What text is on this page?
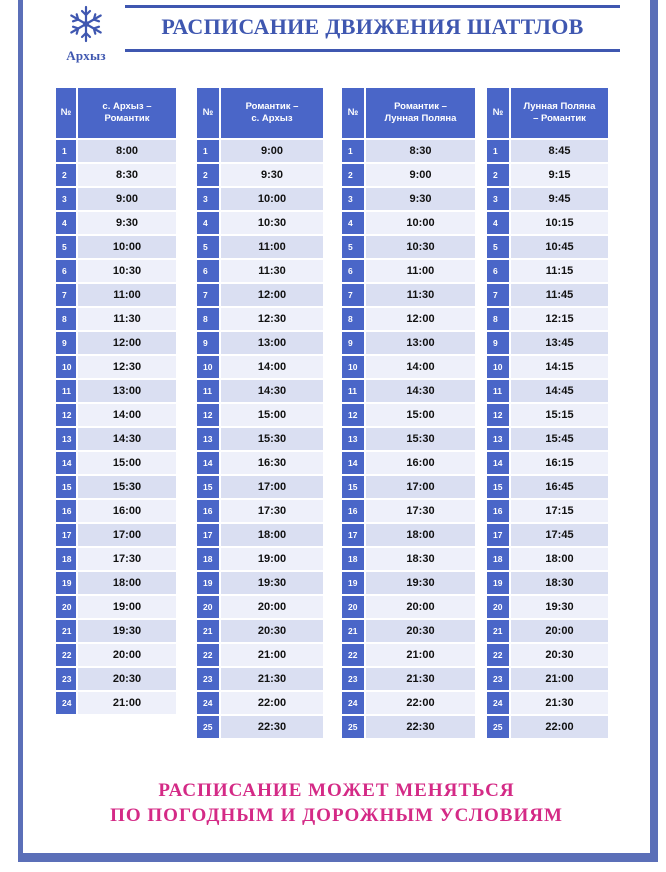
Архыз
РАСПИСАНИЕ ДВИЖЕНИЯ ШАТТЛОВ
№	с. Архыз –
Романтик
1	8:00
2	8:30
3	9:00
4	9:30
5	10:00
6	10:30
7	11:00
8	11:30
9	12:00
10	12:30
11	13:00
12	14:00
13	14:30
14	15:00
15	15:30
16	16:00
17	17:00
18	17:30
19	18:00
20	19:00
21	19:30
22	20:00
23	20:30
24	21:00
№	Романтик –
с. Архыз
1	9:00
2	9:30
3	10:00
4	10:30
5	11:00
6	11:30
7	12:00
8	12:30
9	13:00
10	14:00
11	14:30
12	15:00
13	15:30
14	16:30
15	17:00
16	17:30
17	18:00
18	19:00
19	19:30
20	20:00
21	20:30
22	21:00
23	21:30
24	22:00
25	22:30
№	Романтик –
Лунная Поляна
1	8:30
2	9:00
3	9:30
4	10:00
5	10:30
6	11:00
7	11:30
8	12:00
9	13:00
10	14:00
11	14:30
12	15:00
13	15:30
14	16:00
15	17:00
16	17:30
17	18:00
18	18:30
19	19:30
20	20:00
21	20:30
22	21:00
23	21:30
24	22:00
25	22:30
№	Лунная Поляна
– Романтик
1	8:45
2	9:15
3	9:45
4	10:15
5	10:45
6	11:15
7	11:45
8	12:15
9	13:45
10	14:15
11	14:45
12	15:15
13	15:45
14	16:15
15	16:45
16	17:15
17	17:45
18	18:00
19	18:30
20	19:30
21	20:00
22	20:30
23	21:00
24	21:30
25	22:00
РАСПИСАНИЕ МОЖЕТ МЕНЯТЬСЯ
ПО ПОГОДНЫМ И ДОРОЖНЫМ УСЛОВИЯМ
